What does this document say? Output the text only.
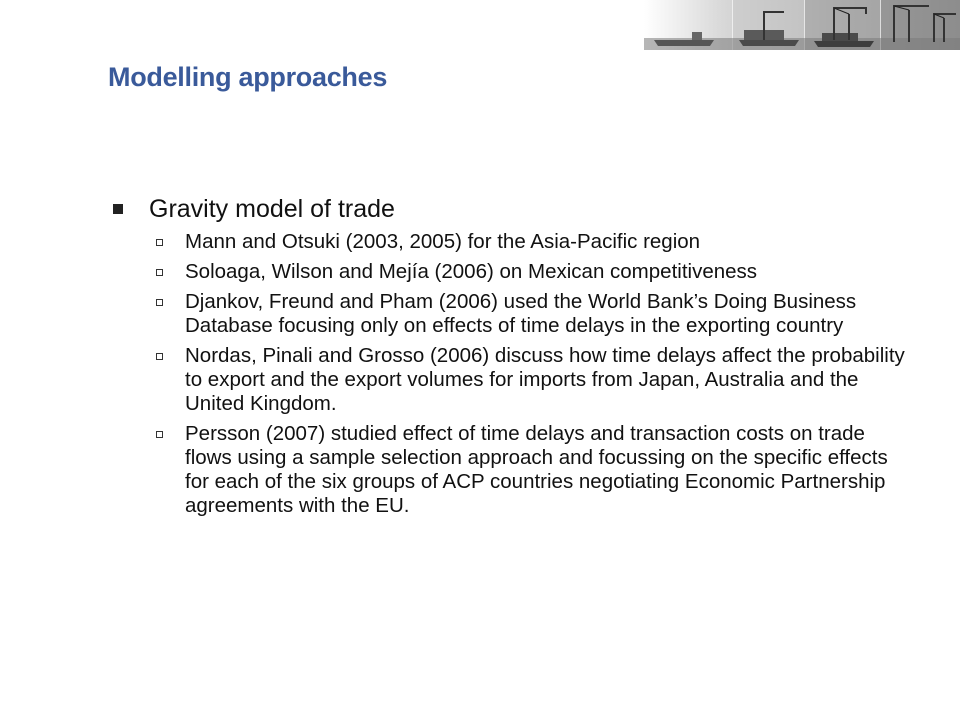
Modelling approaches
Gravity model of trade
Mann and Otsuki (2003, 2005) for the Asia-Pacific region
Soloaga, Wilson and Mejía (2006) on Mexican competitiveness
Djankov, Freund and Pham (2006) used the World Bank’s Doing Business Database focusing only on effects of time delays in the exporting country
Nordas, Pinali and Grosso (2006) discuss how time delays affect the probability to export and the export volumes for imports from Japan, Australia and the United Kingdom.
Persson (2007) studied effect of time delays and transaction costs on trade flows using a sample selection approach and focussing on the specific effects for each of the six groups of ACP countries negotiating Economic Partnership agreements with the EU.
